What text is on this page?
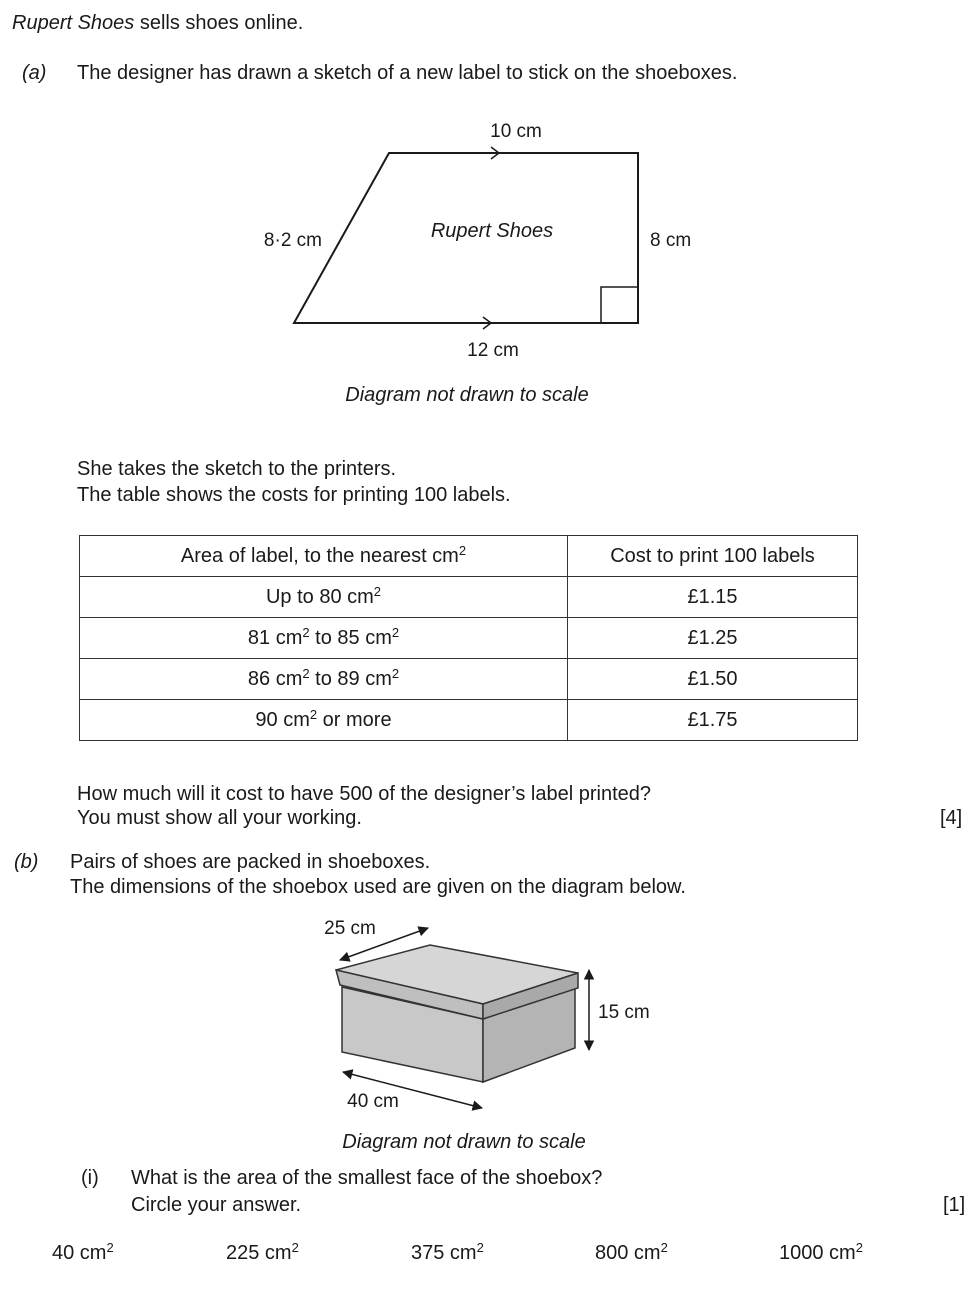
Rupert Shoes sells shoes online.
(a) The designer has drawn a sketch of a new label to stick on the shoeboxes.
10 cm
8·2 cm	8 cm
12 cm
Rupert Shoes
Diagram not drawn to scale
She takes the sketch to the printers.
The table shows the costs for printing 100 labels.
Area of label, to the nearest $cm^2$	Cost to print 100 labels
Up to 80 $cm^2$	£1.15
81 $cm^2$ to 85 $cm^2$	£1.25
86 $cm^2$ to 89 $cm^2$	£1.50
90 $cm^2$ or more	£1.75
How much will it cost to have 500 of the designer’s label printed?
You must show all your working.	[4]
(b) Pairs of shoes are packed in shoeboxes.
The dimensions of the shoebox used are given on the diagram below.
25 cm
15 cm
40 cm
Diagram not drawn to scale
(i) What is the area of the smallest face of the shoebox?
Circle your answer.	[1]
40 $cm^2$	225 $cm^2$	375 $cm^2$	800 $cm^2$	1000 $cm^2$
